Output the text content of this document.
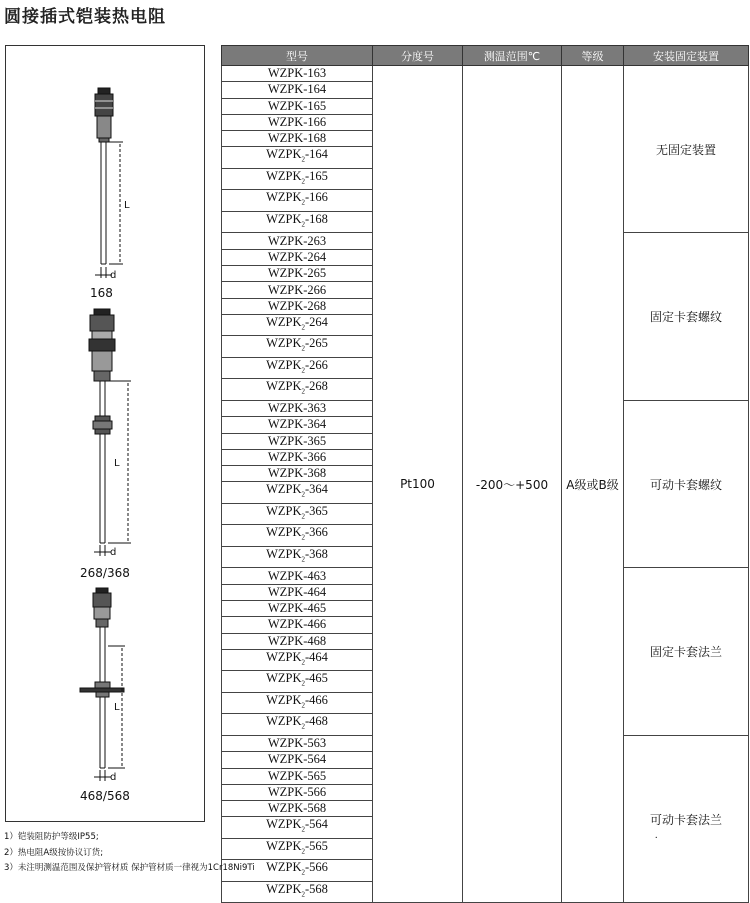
圆接插式铠装热电阻
L
d
L
d
L
d
168
268/368
468/568
型号	分度号	测温范围℃	等级	安装固定装置
WZPK-163	Pt100	-200～+500	A级或B级	无固定装置
WZPK-164				
WZPK-165				
WZPK-166				
WZPK-168				
$WZPK_2-164$				
$WZPK_2-165$				
$WZPK_2-166$				
$WZPK_2-168$				
WZPK-263				固定卡套螺纹
WZPK-264				
WZPK-265				
WZPK-266				
WZPK-268				
$WZPK_2-264$				
$WZPK_2-265$				
$WZPK_2-266$				
$WZPK_2-268$				
WZPK-363				可动卡套螺纹
WZPK-364				
WZPK-365				
WZPK-366				
WZPK-368				
$WZPK_2-364$				
$WZPK_2-365$				
$WZPK_2-366$				
$WZPK_2-368$				
WZPK-463				固定卡套法兰
WZPK-464				
WZPK-465				
WZPK-466				
WZPK-468				
$WZPK_2-464$				
$WZPK_2-465$				
$WZPK_2-466$				
$WZPK_2-468$				
WZPK-563				可动卡套法兰
WZPK-564				
WZPK-565				
WZPK-566				
WZPK-568				
$WZPK_2-564$				
$WZPK_2-565$				
$WZPK_2-566$				
$WZPK_2-568$				
1）铠装阻防护等级IP55;
2）热电阻A级按协议订货;
3）未注明测温范围及保护管材质 保护管材质一律视为1Cr18Ni9Ti
.
